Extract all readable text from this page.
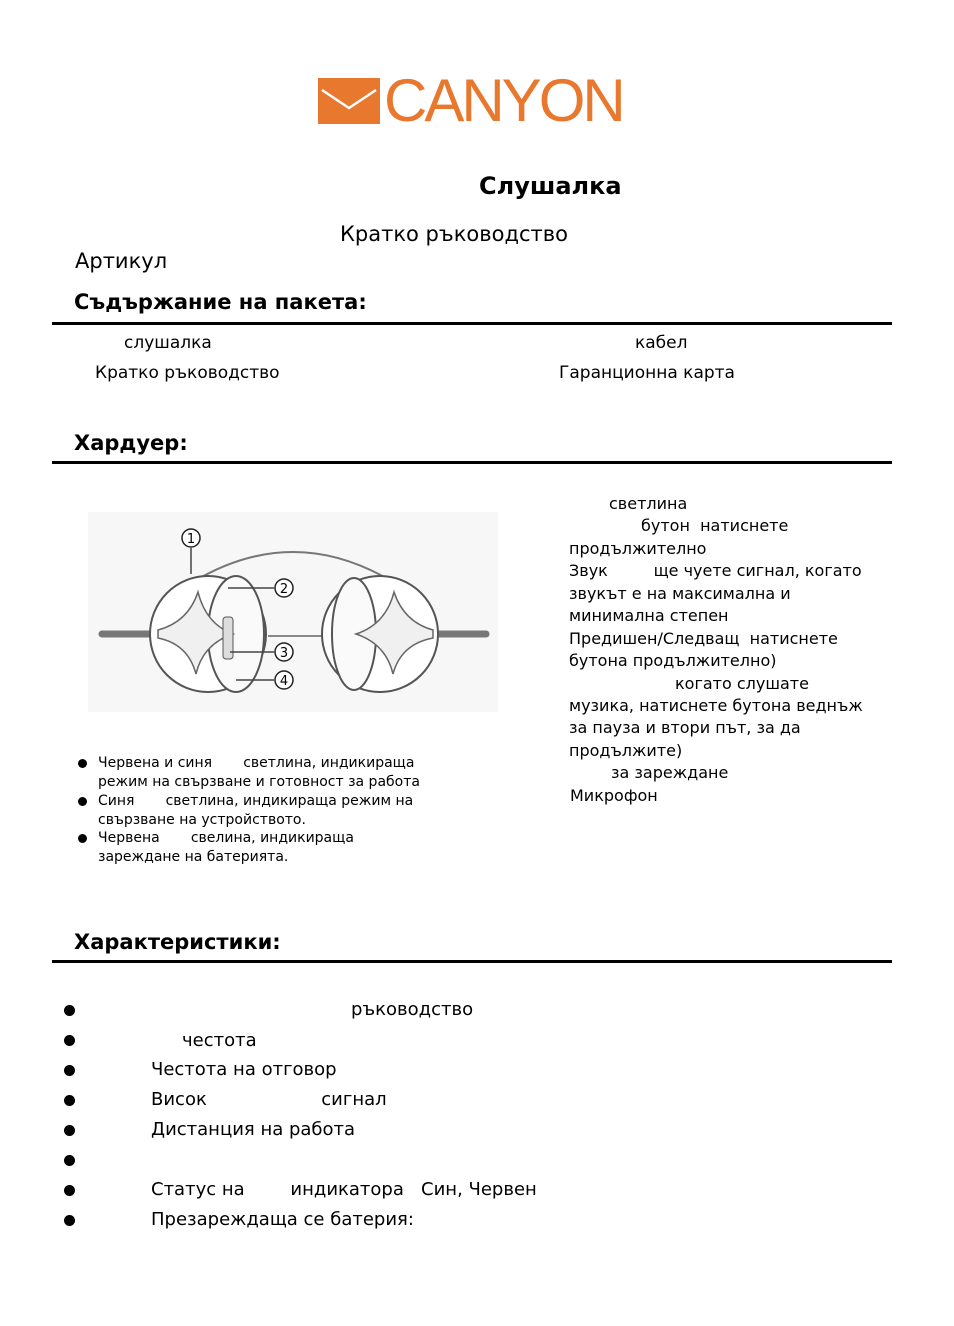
CANYON
Слушалка
Кратко ръководство
Артикул
Съдържание на пакета:
слушалка	кабел
Кратко ръководство	Гаранционна карта
Хардуер:
1
2
3
4
светлина
бутон  натиснете
продължително
Звук         ще чуете сигнал, когато
звукът е на максимална и
минимална степен
Предишен/Следващ  натиснете
бутона продължително)
когато слушате
музика, натиснете бутона веднъж
за пауза и втори път, за да
продължите)
за зареждане
Микрофон
Червена и синя       светлина, индикираща
режим на свързване и готовност за работа
Синя       светлина, индикираща режим на
свързване на устройството.
Червена       свелина, индикираща
зареждане на батерията.
Характеристики:
ръководство
честота
Честота на отговор
Висок                    сигнал
Дистанция на работа
Статус на        индикатора   Син, Червен
Презареждаща се батерия:
